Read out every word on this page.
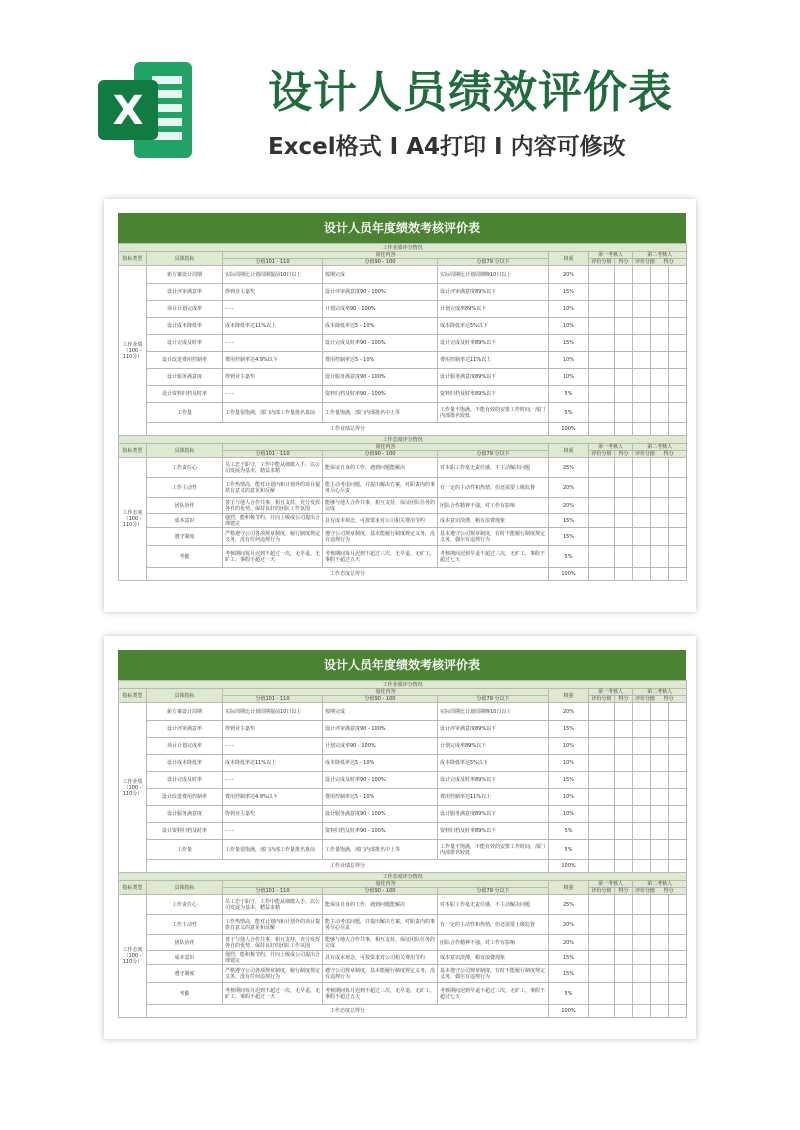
X	设计人员绩效评价表
Excel格式 Ⅰ A4打印 Ⅰ 内容可修改
设计人员年度绩效考核评价表
工作业绩评分情况										
指标类型	具体指标	量化内容			权重	第一考核人		第二考核人		
		分值101 - 110	分值90 - 100	分值79 分以下		评价分值	得分	评价分值	得分	

工作业绩（100 - 110分）	新方案设计周期	实际周期比计划周期提前10日以上	按期完成	实际周期比计划周期晚10日以上	20%					
	设计评审满意率	得到业主嘉奖	设计评审满意度90 - 100%	设计评审满意度89%以下	15%					
	项目计划完成率	- - -	计划完成率90 - 100%	计划完成率89%以下	10%					
	设计成本降低率	成本降低率达11%以上	成本降低率达5 - 10%	成本降低率达5%以下	10%					
	设计完成及时率	- - -	设计完成及时率90 - 100%	设计完成及时率89%以下	15%					
	设计改进费用控制率	费用控制率达4.9%以下	费用控制率达5 - 10%	费用控制率达11%以上	10%					
	设计服务满意度	得到业主嘉奖	设计服务满意度90 - 100%	设计服务满意度89%以下	10%					
	设计资料归档及时率	- - -	资料归档及时率90 - 100%	资料归档及时率89%以下	5%					
	工作量	工作量很饱满，部门内部工作量排名靠前	工作量饱满，部门内部排名中上等	工作量不饱满，不能有效的安排工作时间，部门内部排名较低	5%					
	工作业绩总得分				100%					
工作态度评分情况										
指标类型	具体指标	量化内容			权重	第一考核人		第二考核人		
		分值101 - 110	分值90 - 100	分值79 分以下		评价分值	得分	评价分值	得分	

工作态度（100 - 110分）	工作责任心	员工忠于职守，工作中能从细微入手，以公司发展为基本，精益求精	能保证自身的工作，遇到问题能解决	对本职工作毫无责任感，不主动解决问题	25%					
	工作主动性	工作热情高，能对计划内和计划外的项目提供有意义的意见和反解	能主动考虑问题，并提出解决方案，对职责内的事务尽心尽责	有一定的主动性和热情，但还需要上级监督	20%					
	团队协作	善于与他人合作共事，相互支持，充分发挥各自的优势，保持良好的团队工作氛围	能够与他人合作共事，相互支持，保证团队任务的完成	团队合作精神不强，对工作有影响	20%					
	成本意识	强烈，能积极节约，并向上级或公司提出合理建议	具有成本观念，可按要求对公司相关费用节约	成本意识淡薄，稍有浪费现象	15%					
	遵守制度	严格遵守公司各项规章制度，履行制度规定义务，没有任何违规行为	遵守公司规章制度，基本能履行制度规定义务，没有违规行为	基本遵守公司规章制度，有时不能履行制度规定义务，偶尔有违规行为	15%					
	考勤	考核期间每月迟到不超过一次，无早退、无旷工，事假不超过一天	考核期间每月迟到不超过三次，无早退、无旷工，事假不超过五天	考核期间迟到早退不超过三次，无旷工，事假不超过七天	5%					
	工作态度总得分				100%					
设计人员年度绩效考核评价表
工作业绩评分情况										
指标类型	具体指标	量化内容			权重	第一考核人		第二考核人		
		分值101 - 110	分值90 - 100	分值79 分以下		评价分值	得分	评价分值	得分	

工作业绩（100 - 110分）	新方案设计周期	实际周期比计划周期提前10日以上	按期完成	实际周期比计划周期晚10日以上	20%					
	设计评审满意率	得到业主嘉奖	设计评审满意度90 - 100%	设计评审满意度89%以下	15%					
	项目计划完成率	- - -	计划完成率90 - 100%	计划完成率89%以下	10%					
	设计成本降低率	成本降低率达11%以上	成本降低率达5 - 10%	成本降低率达5%以下	10%					
	设计完成及时率	- - -	设计完成及时率90 - 100%	设计完成及时率89%以下	15%					
	设计改进费用控制率	费用控制率达4.9%以下	费用控制率达5 - 10%	费用控制率达11%以上	10%					
	设计服务满意度	得到业主嘉奖	设计服务满意度90 - 100%	设计服务满意度89%以下	10%					
	设计资料归档及时率	- - -	资料归档及时率90 - 100%	资料归档及时率89%以下	5%					
	工作量	工作量很饱满，部门内部工作量排名靠前	工作量饱满，部门内部排名中上等	工作量不饱满，不能有效的安排工作时间，部门内部排名较低	5%					
	工作业绩总得分				100%					
工作态度评分情况										
指标类型	具体指标	量化内容			权重	第一考核人		第二考核人		
		分值101 - 110	分值90 - 100	分值79 分以下		评价分值	得分	评价分值	得分	

工作态度（100 - 110分）	工作责任心	员工忠于职守，工作中能从细微入手，以公司发展为基本，精益求精	能保证自身的工作，遇到问题能解决	对本职工作毫无责任感，不主动解决问题	25%					
	工作主动性	工作热情高，能对计划内和计划外的项目提供有意义的意见和反解	能主动考虑问题，并提出解决方案，对职责内的事务尽心尽责	有一定的主动性和热情，但还需要上级监督	20%					
	团队协作	善于与他人合作共事，相互支持，充分发挥各自的优势，保持良好的团队工作氛围	能够与他人合作共事，相互支持，保证团队任务的完成	团队合作精神不强，对工作有影响	20%					
	成本意识	强烈，能积极节约，并向上级或公司提出合理建议	具有成本观念，可按要求对公司相关费用节约	成本意识淡薄，稍有浪费现象	15%					
	遵守制度	严格遵守公司各项规章制度，履行制度规定义务，没有任何违规行为	遵守公司规章制度，基本能履行制度规定义务，没有违规行为	基本遵守公司规章制度，有时不能履行制度规定义务，偶尔有违规行为	15%					
	考勤	考核期间每月迟到不超过一次，无早退、无旷工，事假不超过一天	考核期间每月迟到不超过三次，无早退、无旷工，事假不超过五天	考核期间迟到早退不超过三次，无旷工，事假不超过七天	5%					
	工作态度总得分				100%					
